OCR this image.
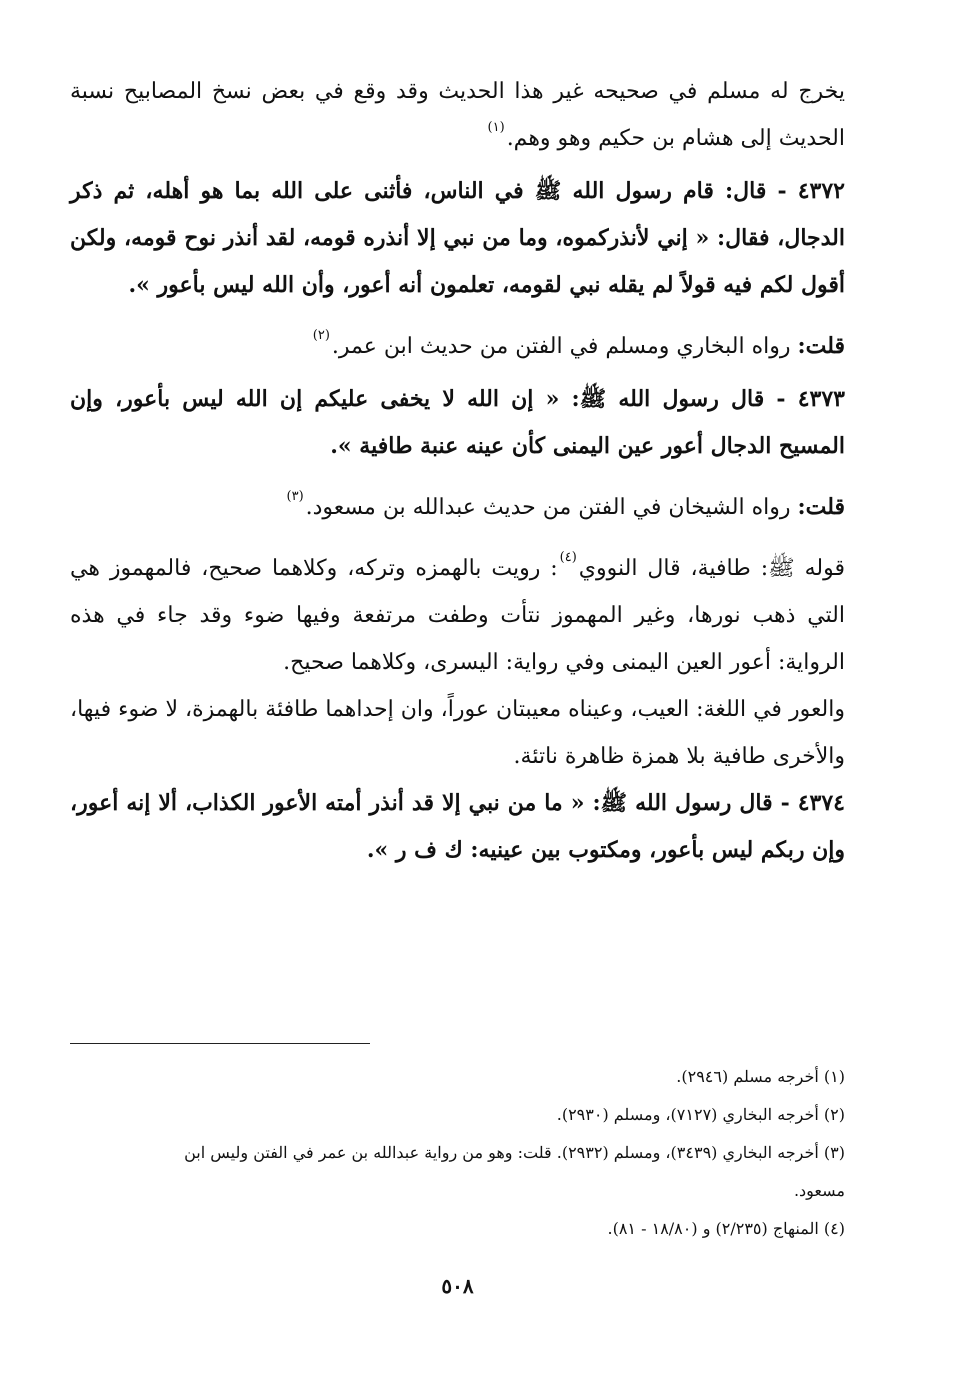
يخرج له مسلم في صحيحه غير هذا الحديث وقد وقع في بعض نسخ المصابيح نسبة الحديث إلى هشام بن حكيم وهو وهم.$^{(١)}$

٤٣٧٢ - قال: قام رسول الله ﷺ في الناس، فأثنى على الله بما هو أهله، ثم ذكر الدجال، فقال: « إني لأنذركموه، وما من نبي إلا أنذره قومه، لقد أنذر نوح قومه، ولكن أقول لكم فيه قولاً لم يقله نبي لقومه، تعلمون أنه أعور، وأن الله ليس بأعور ».

قلت: رواه البخاري ومسلم في الفتن من حديث ابن عمر.$^{(٢)}$

٤٣٧٣ - قال رسول الله ﷺ: « إن الله لا يخفى عليكم إن الله ليس بأعور، وإن المسيح الدجال أعور عين اليمنى كأن عينه عنبة طافية ».

قلت: رواه الشيخان في الفتن من حديث عبدالله بن مسعود.$^{(٣)}$

قوله ﷺ: طافية، قال النووي$^{(٤)}$: رويت بالهمزه وتركه، وكلاهما صحيح، فالمهموز هي التي ذهب نورها، وغير المهموز نتأت وطفت مرتفعة وفيها ضوء وقد جاء في هذه الرواية: أعور العين اليمنى وفي رواية: اليسرى، وكلاهما صحيح.

والعور في اللغة: العيب، وعيناه معيبتان عوراً، وان إحداهما طافئة بالهمزة، لا ضوء فيها، والأخرى طافية بلا همزة ظاهرة ناتئة.

٤٣٧٤ - قال رسول الله ﷺ: « ما من نبي إلا قد أنذر أمته الأعور الكذاب، ألا إنه أعور، وإن ربكم ليس بأعور، ومكتوب بين عينيه: ك ف ر ».

(١) أخرجه مسلم (٢٩٤٦).

(٢) أخرجه البخاري (٧١٢٧)، ومسلم (٢٩٣٠).

(٣) أخرجه البخاري (٣٤٣٩)، ومسلم (٢٩٣٢). قلت: وهو من رواية عبدالله بن عمر في الفتن وليس ابن

مسعود.

(٤) المنهاج (٢/٢٣٥) و (١٨/٨٠ - ٨١).

٥٠٨
